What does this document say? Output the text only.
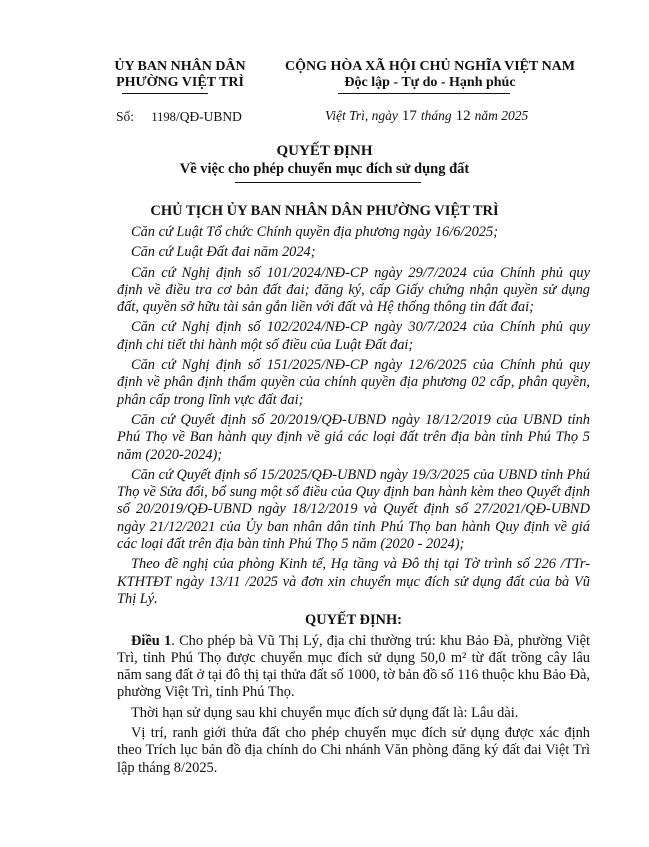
ỦY BAN NHÂN DÂN
PHƯỜNG VIỆT TRÌ
CỘNG HÒA XÃ HỘI CHỦ NGHĨA VIỆT NAM
Độc lập - Tự do - Hạnh phúc
Số: 1198/QĐ-UBND	Việt Trì, ngày 17 tháng 12 năm 2025
QUYẾT ĐỊNH
Về việc cho phép chuyển mục đích sử dụng đất
CHỦ TỊCH ỦY BAN NHÂN DÂN PHƯỜNG VIỆT TRÌ

Căn cứ Luật Tổ chức Chính quyền địa phương ngày 16/6/2025;

Căn cứ Luật Đất đai năm 2024;

Căn cứ Nghị định số 101/2024/NĐ-CP ngày 29/7/2024 của Chính phủ quy định về điều tra cơ bản đất đai; đăng ký, cấp Giấy chứng nhận quyền sử dụng đất, quyền sở hữu tài sản gắn liền với đất và Hệ thống thông tin đất đai;

Căn cứ Nghị định số 102/2024/NĐ-CP ngày 30/7/2024 của Chính phủ quy định chi tiết thi hành một số điều của Luật Đất đai;

Căn cứ Nghị định số 151/2025/NĐ-CP ngày 12/6/2025 của Chính phủ quy định về phân định thẩm quyền của chính quyền địa phương 02 cấp, phân quyền, phân cấp trong lĩnh vực đất đai;

Căn cứ Quyết định số 20/2019/QĐ-UBND ngày 18/12/2019 của UBND tỉnh Phú Thọ về Ban hành quy định về giá các loại đất trên địa bàn tỉnh Phú Thọ 5 năm (2020-2024);

Căn cứ Quyết định số 15/2025/QĐ-UBND ngày 19/3/2025 của UBND tỉnh Phú Thọ về Sửa đổi, bổ sung một số điều của Quy định ban hành kèm theo Quyết định số 20/2019/QĐ-UBND ngày 18/12/2019 và Quyết định số 27/2021/QĐ-UBND ngày 21/12/2021 của Ủy ban nhân dân tỉnh Phú Thọ ban hành Quy định về giá các loại đất trên địa bàn tỉnh Phú Thọ 5 năm (2020 - 2024);

Theo đề nghị của phòng Kinh tế, Hạ tầng và Đô thị tại Tờ trình số 226 /TTr-KTHTĐT ngày 13/11 /2025 và đơn xin chuyển mục đích sử dụng đất của bà Vũ Thị Lý.

QUYẾT ĐỊNH:

Điều 1. Cho phép bà Vũ Thị Lý, địa chỉ thường trú: khu Bảo Đà, phường Việt Trì, tỉnh Phú Thọ được chuyển mục đích sử dụng 50,0 m² từ đất trồng cây lâu năm sang đất ở tại đô thị tại thửa đất số 1000, tờ bản đồ số 116 thuộc khu Bảo Đà, phường Việt Trì, tỉnh Phú Thọ.

Thời hạn sử dụng sau khi chuyển mục đích sử dụng đất là: Lâu dài.

Vị trí, ranh giới thửa đất cho phép chuyển mục đích sử dụng được xác định theo Trích lục bản đồ địa chính do Chi nhánh Văn phòng đăng ký đất đai Việt Trì lập tháng 8/2025.
